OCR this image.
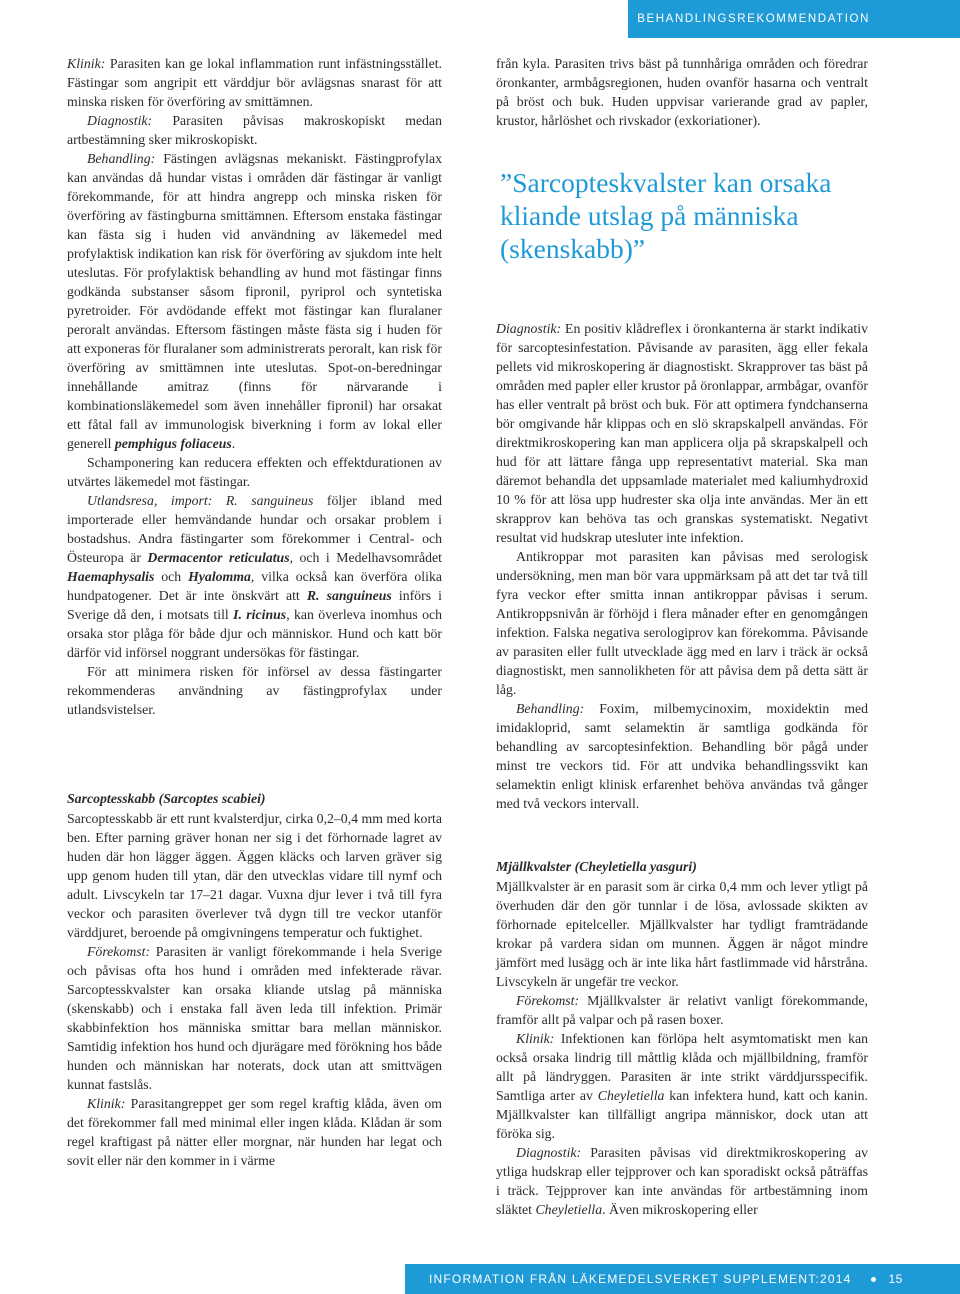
BEHANDLINGSREKOMMENDATION

Klinik: Parasiten kan ge lokal inflammation runt infästningsstället. Fästingar som angripit ett värddjur bör avlägsnas snarast för att minska risken för överföring av smittämnen.

Diagnostik: Parasiten påvisas makroskopiskt medan artbestämning sker mikroskopiskt.

Behandling: Fästingen avlägsnas mekaniskt. Fästingprofylax kan användas då hundar vistas i områden där fästingar är vanligt förekommande, för att hindra angrepp och minska risken för överföring av fästingburna smittämnen. Eftersom enstaka fästingar kan fästa sig i huden vid användning av läkemedel med profylaktisk indikation kan risk för överföring av sjukdom inte helt uteslutas. För profylaktisk behandling av hund mot fästingar finns godkända substanser såsom fipronil, pyriprol och syntetiska pyretroider. För avdödande effekt mot fästingar kan fluralaner peroralt användas. Eftersom fästingen måste fästa sig i huden för att exponeras för fluralaner som administrerats peroralt, kan risk för överföring av smittämnen inte uteslutas. Spot-on-beredningar innehållande amitraz (finns för närvarande i kombinationsläkemedel som även innehåller fipronil) har orsakat ett fåtal fall av immunologisk biverkning i form av lokal eller generell pemphigus foliaceus.

Schamponering kan reducera effekten och effektdurationen av utvärtes läkemedel mot fästingar.

Utlandsresa, import: R. sanguineus följer ibland med importerade eller hemvändande hundar och orsakar problem i bostadshus. Andra fästingarter som förekommer i Central- och Östeuropa är Dermacentor reticulatus, och i Medelhavsområdet Haemaphysalis och Hyalomma, vilka också kan överföra olika hundpatogener. Det är inte önskvärt att R. sanguineus införs i Sverige då den, i motsats till I. ricinus, kan överleva inomhus och orsaka stor plåga för både djur och människor. Hund och katt bör därför vid införsel noggrant undersökas för fästingar.

För att minimera risken för införsel av dessa fästingarter rekommenderas användning av fästingprofylax under utlandsvistelser.

Sarcoptesskabb (Sarcoptes scabiei)

Sarcoptesskabb är ett runt kvalsterdjur, cirka 0,2–0,4 mm med korta ben. Efter parning gräver honan ner sig i det förhornade lagret av huden där hon lägger äggen. Äggen kläcks och larven gräver sig upp genom huden till ytan, där den utvecklas vidare till nymf och adult. Livscykeln tar 17–21 dagar. Vuxna djur lever i två till fyra veckor och parasiten överlever två dygn till tre veckor utanför värddjuret, beroende på omgivningens temperatur och fuktighet.

Förekomst: Parasiten är vanligt förekommande i hela Sverige och påvisas ofta hos hund i områden med infekterade rävar. Sarcoptesskvalster kan orsaka kliande utslag på människa (skenskabb) och i enstaka fall även leda till infektion. Primär skabbinfektion hos människa smittar bara mellan människor. Samtidig infektion hos hund och djurägare med förökning hos både hunden och människan har noterats, dock utan att smittvägen kunnat fastslås.

Klinik: Parasitangreppet ger som regel kraftig klåda, även om det förekommer fall med minimal eller ingen klåda. Klådan är som regel kraftigast på nätter eller morgnar, när hunden har legat och sovit eller när den kommer in i värme

från kyla. Parasiten trivs bäst på tunnhåriga områden och föredrar öronkanter, armbågsregionen, huden ovanför hasarna och ventralt på bröst och buk. Huden uppvisar varierande grad av papler, krustor, hårlöshet och rivskador (exkoriationer).

”Sarcopteskvalster kan orsaka kliande utslag på människa (skenskabb)”

Diagnostik: En positiv klådreflex i öronkanterna är starkt indikativ för sarcoptesinfestation. Påvisande av parasiten, ägg eller fekala pellets vid mikroskopering är diagnostiskt. Skrapprover tas bäst på områden med papler eller krustor på öronlappar, armbågar, ovanför has eller ventralt på bröst och buk. För att optimera fyndchanserna bör omgivande hår klippas och en slö skrapskalpell användas. För direktmikroskopering kan man applicera olja på skrapskalpell och hud för att lättare fånga upp representativt material. Ska man däremot behandla det uppsamlade materialet med kaliumhydroxid 10 % för att lösa upp hudrester ska olja inte användas. Mer än ett skrapprov kan behöva tas och granskas systematiskt. Negativt resultat vid hudskrap utesluter inte infektion.

Antikroppar mot parasiten kan påvisas med serologisk undersökning, men man bör vara uppmärksam på att det tar två till fyra veckor efter smitta innan antikroppar påvisas i serum. Antikroppsnivån är förhöjd i flera månader efter en genomgången infektion. Falska negativa serologiprov kan förekomma. Påvisande av parasiten eller fullt utvecklade ägg med en larv i träck är också diagnostiskt, men sannolikheten för att påvisa dem på detta sätt är låg.

Behandling: Foxim, milbemycinoxim, moxidektin med imidakloprid, samt selamektin är samtliga godkända för behandling av sarcoptesinfektion. Behandling bör pågå under minst tre veckors tid. För att undvika behandlingssvikt kan selamektin enligt klinisk erfarenhet behöva användas två gånger med två veckors intervall.

Mjällkvalster (Cheyletiella yasguri)

Mjällkvalster är en parasit som är cirka 0,4 mm och lever ytligt på överhuden där den gör tunnlar i de lösa, avlossade skikten av förhornade epitelceller. Mjällkvalster har tydligt framträdande krokar på vardera sidan om munnen. Äggen är något mindre jämfört med lusägg och är inte lika hårt fastlimmade vid hårstråna. Livscykeln är ungefär tre veckor.

Förekomst: Mjällkvalster är relativt vanligt förekommande, framför allt på valpar och på rasen boxer.

Klinik: Infektionen kan förlöpa helt asymtomatiskt men kan också orsaka lindrig till måttlig klåda och mjällbildning, framför allt på ländryggen. Parasiten är inte strikt värddjursspecifik. Samtliga arter av Cheyletiella kan infektera hund, katt och kanin. Mjällkvalster kan tillfälligt angripa människor, dock utan att föröka sig.

Diagnostik: Parasiten påvisas vid direktmikroskopering av ytliga hudskrap eller tejpprover och kan sporadiskt också påträffas i träck. Tejpprover kan inte användas för artbestämning inom släktet Cheyletiella. Även mikroskopering eller

INFORMATION FRÅN LÄKEMEDELSVERKET SUPPLEMENT:2014	15
